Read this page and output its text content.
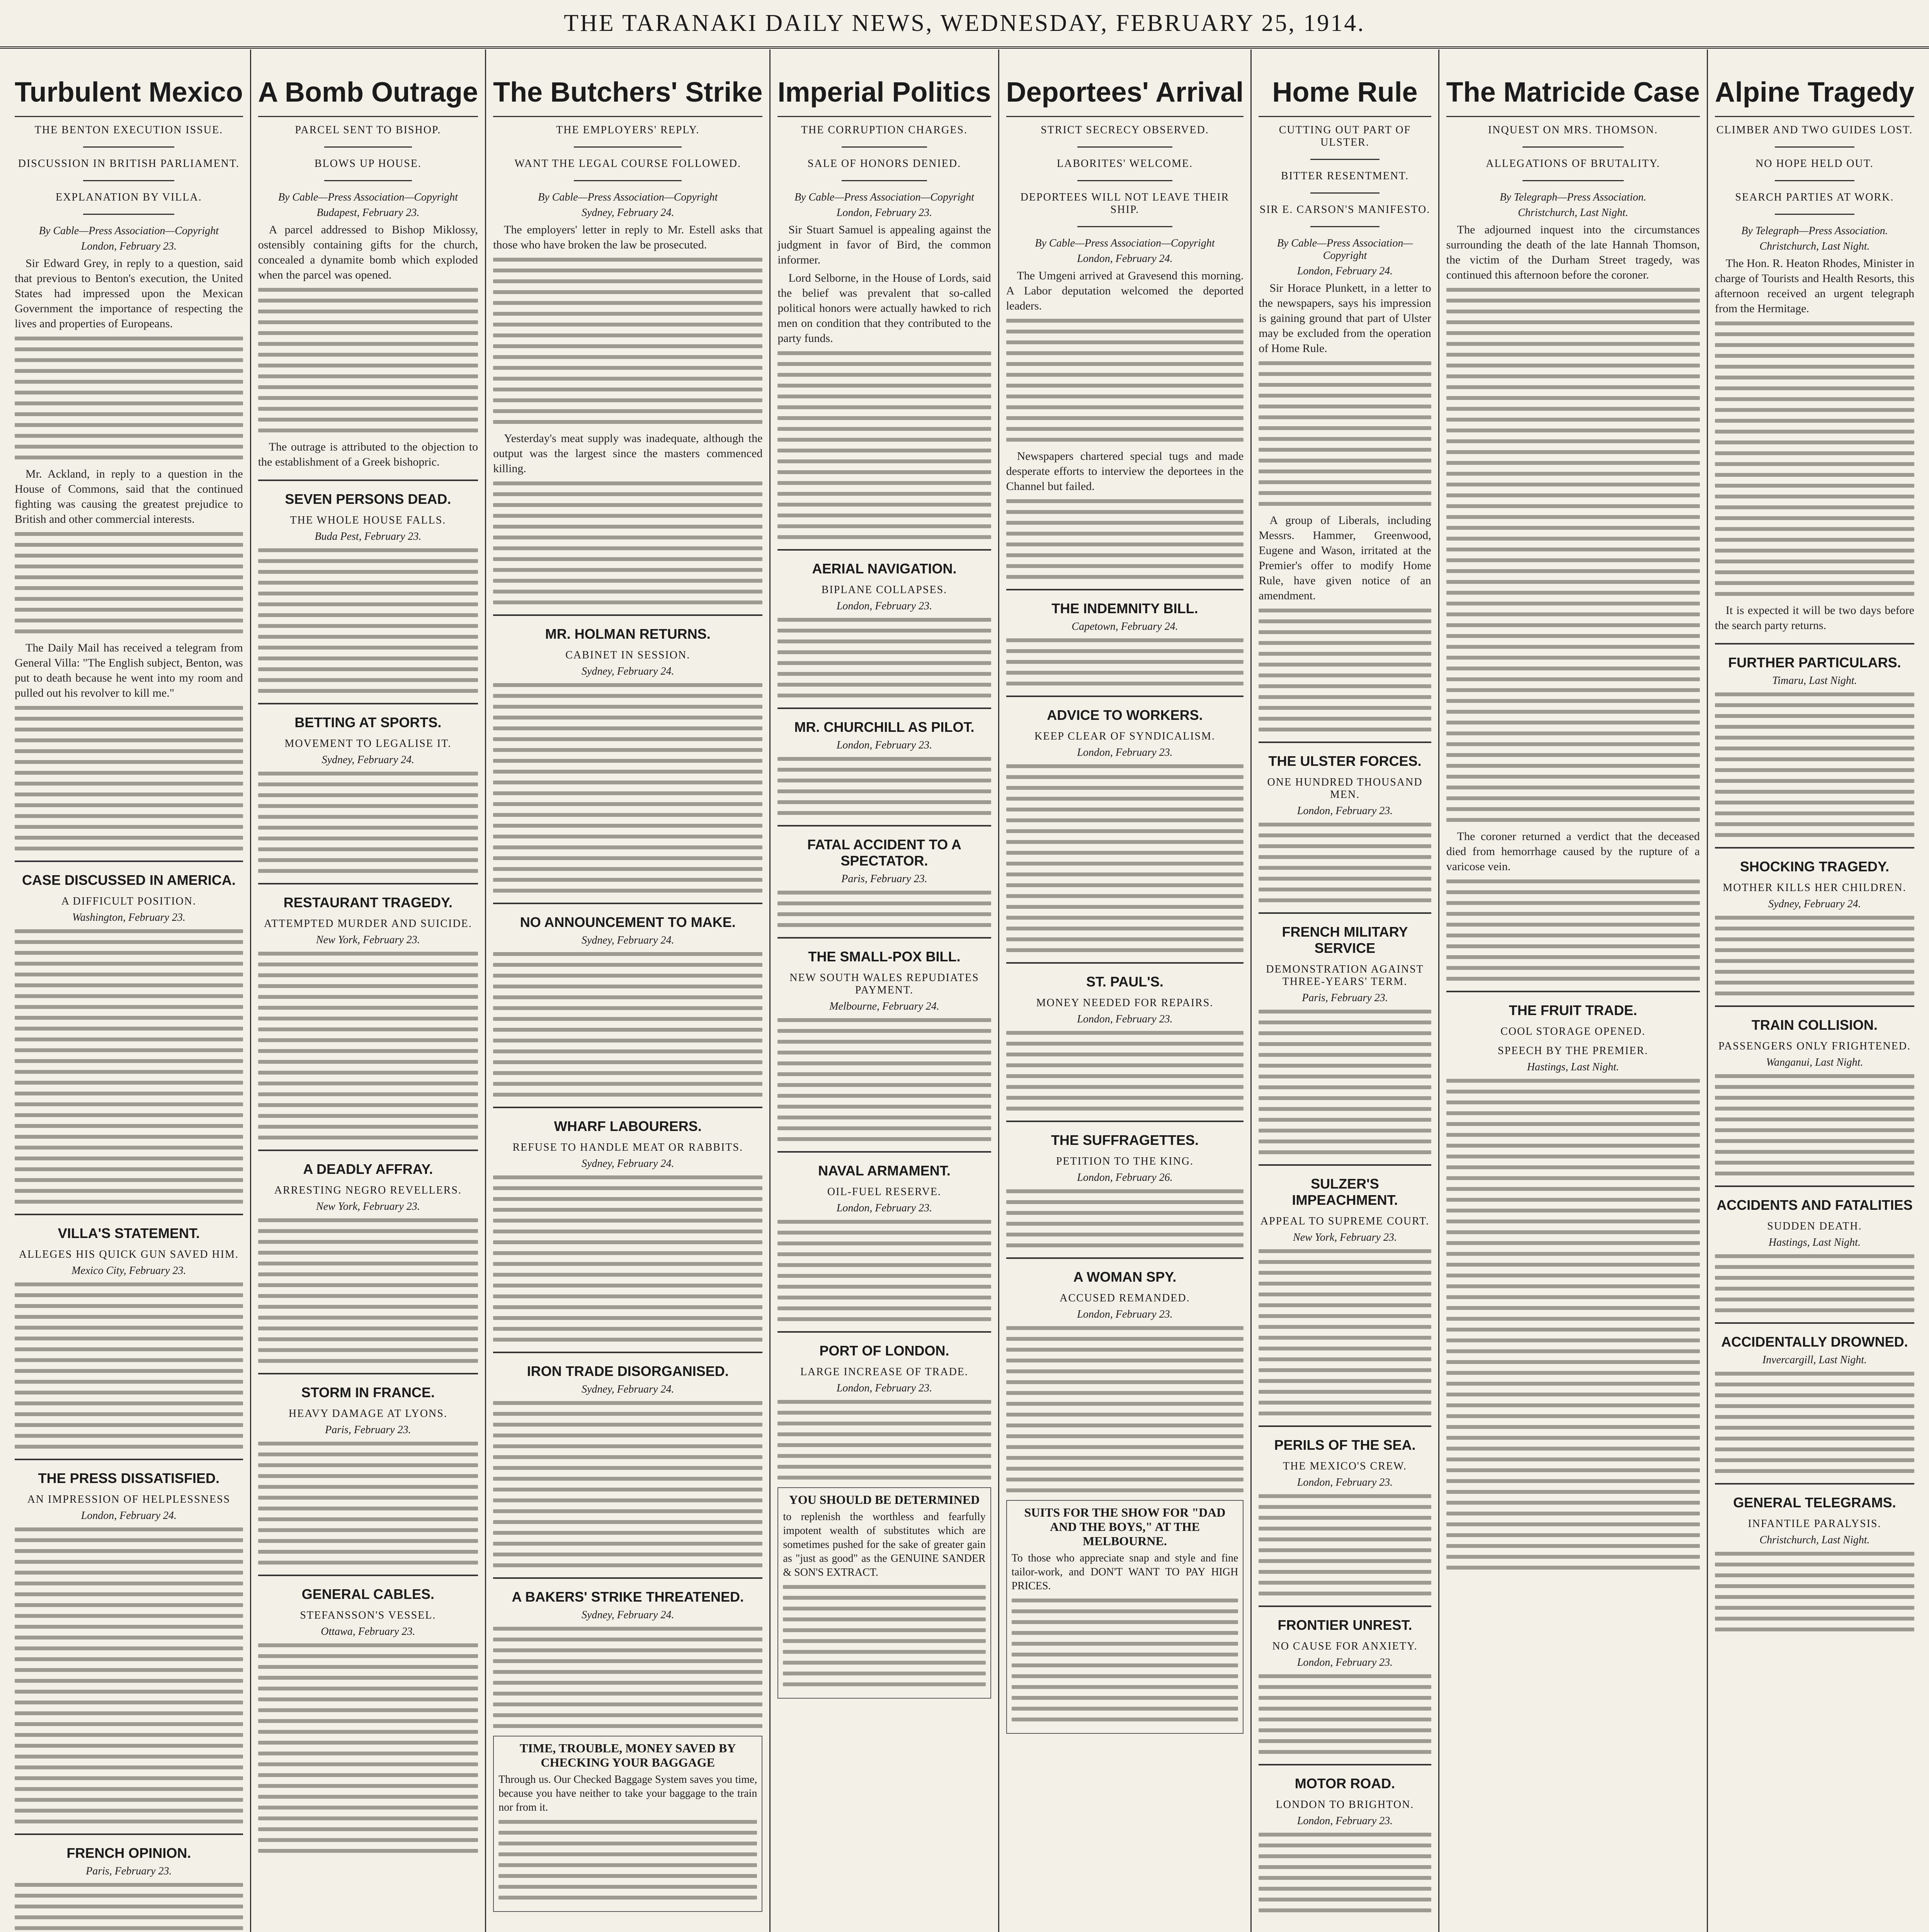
THE TARANAKI DAILY NEWS, WEDNESDAY, FEBRUARY 25, 1914.
Turbulent Mexico
THE BENTON EXECUTION ISSUE.
DISCUSSION IN BRITISH PARLIAMENT.
EXPLANATION BY VILLA.
By Cable—Press Association—Copyright
London, February 23.

Sir Edward Grey, in reply to a question, said that previous to Benton's execution, the United States had impressed upon the Mexican Government the importance of respecting the lives and properties of Europeans.

Mr. Ackland, in reply to a question in the House of Commons, said that the continued fighting was causing the greatest prejudice to British and other commercial interests.

The Daily Mail has received a telegram from General Villa: "The English subject, Benton, was put to death because he went into my room and pulled out his revolver to kill me."

CASE DISCUSSED IN AMERICA.
A DIFFICULT POSITION.
Washington, February 23.
VILLA'S STATEMENT.
ALLEGES HIS QUICK GUN SAVED HIM.
Mexico City, February 23.
THE PRESS DISSATISFIED.
AN IMPRESSION OF HELPLESSNESS
London, February 24.
FRENCH OPINION.
Paris, February 23.
A Bomb Outrage
PARCEL SENT TO BISHOP.
BLOWS UP HOUSE.
By Cable—Press Association—Copyright
Budapest, February 23.

A parcel addressed to Bishop Miklossy, ostensibly containing gifts for the church, concealed a dynamite bomb which exploded when the parcel was opened.

The outrage is attributed to the objection to the establishment of a Greek bishopric.

SEVEN PERSONS DEAD.
THE WHOLE HOUSE FALLS.
Buda Pest, February 23.
BETTING AT SPORTS.
MOVEMENT TO LEGALISE IT.
Sydney, February 24.
RESTAURANT TRAGEDY.
ATTEMPTED MURDER AND SUICIDE.
New York, February 23.
A DEADLY AFFRAY.
ARRESTING NEGRO REVELLERS.
New York, February 23.
STORM IN FRANCE.
HEAVY DAMAGE AT LYONS.
Paris, February 23.
GENERAL CABLES.
STEFANSSON'S VESSEL.
Ottawa, February 23.
The Butchers' Strike
THE EMPLOYERS' REPLY.
WANT THE LEGAL COURSE FOLLOWED.
By Cable—Press Association—Copyright
Sydney, February 24.

The employers' letter in reply to Mr. Estell asks that those who have broken the law be prosecuted.

Yesterday's meat supply was inadequate, although the output was the largest since the masters commenced killing.

MR. HOLMAN RETURNS.
CABINET IN SESSION.
Sydney, February 24.
NO ANNOUNCEMENT TO MAKE.
Sydney, February 24.
WHARF LABOURERS.
REFUSE TO HANDLE MEAT OR RABBITS.
Sydney, February 24.
IRON TRADE DISORGANISED.
Sydney, February 24.
A BAKERS' STRIKE THREATENED.
Sydney, February 24.
TIME, TROUBLE, MONEY SAVED BY CHECKING YOUR BAGGAGE
Through us. Our Checked Baggage System saves you time, because you have neither to take your baggage to the train nor from it.
Imperial Politics
THE CORRUPTION CHARGES.
SALE OF HONORS DENIED.
By Cable—Press Association—Copyright
London, February 23.

Sir Stuart Samuel is appealing against the judgment in favor of Bird, the common informer.

Lord Selborne, in the House of Lords, said the belief was prevalent that so-called political honors were actually hawked to rich men on condition that they contributed to the party funds.

AERIAL NAVIGATION.
BIPLANE COLLAPSES.
London, February 23.
MR. CHURCHILL AS PILOT.
London, February 23.
FATAL ACCIDENT TO A SPECTATOR.
Paris, February 23.
THE SMALL-POX BILL.
NEW SOUTH WALES REPUDIATES PAYMENT.
Melbourne, February 24.
NAVAL ARMAMENT.
OIL-FUEL RESERVE.
London, February 23.
PORT OF LONDON.
LARGE INCREASE OF TRADE.
London, February 23.
YOU SHOULD BE DETERMINED
to replenish the worthless and fearfully impotent wealth of substitutes which are sometimes pushed for the sake of greater gain as "just as good" as the GENUINE SANDER & SON'S EXTRACT.
Deportees' Arrival
STRICT SECRECY OBSERVED.
LABORITES' WELCOME.
DEPORTEES WILL NOT LEAVE THEIR SHIP.
By Cable—Press Association—Copyright
London, February 24.

The Umgeni arrived at Gravesend this morning. A Labor deputation welcomed the deported leaders.

Newspapers chartered special tugs and made desperate efforts to interview the deportees in the Channel but failed.

THE INDEMNITY BILL.
Capetown, February 24.
ADVICE TO WORKERS.
KEEP CLEAR OF SYNDICALISM.
London, February 23.
ST. PAUL'S.
MONEY NEEDED FOR REPAIRS.
London, February 23.
THE SUFFRAGETTES.
PETITION TO THE KING.
London, February 26.
A WOMAN SPY.
ACCUSED REMANDED.
London, February 23.
SUITS FOR THE SHOW FOR "DAD AND THE BOYS," AT THE MELBOURNE.
To those who appreciate snap and style and fine tailor-work, and DON'T WANT TO PAY HIGH PRICES.
Home Rule
CUTTING OUT PART OF ULSTER.
BITTER RESENTMENT.
SIR E. CARSON'S MANIFESTO.
By Cable—Press Association—Copyright
London, February 24.

Sir Horace Plunkett, in a letter to the newspapers, says his impression is gaining ground that part of Ulster may be excluded from the operation of Home Rule.

A group of Liberals, including Messrs. Hammer, Greenwood, Eugene and Wason, irritated at the Premier's offer to modify Home Rule, have given notice of an amendment.

THE ULSTER FORCES.
ONE HUNDRED THOUSAND MEN.
London, February 23.
FRENCH MILITARY SERVICE
DEMONSTRATION AGAINST THREE-YEARS' TERM.
Paris, February 23.
SULZER'S IMPEACHMENT.
APPEAL TO SUPREME COURT.
New York, February 23.
PERILS OF THE SEA.
THE MEXICO'S CREW.
London, February 23.
FRONTIER UNREST.
NO CAUSE FOR ANXIETY.
London, February 23.
MOTOR ROAD.
LONDON TO BRIGHTON.
London, February 23.
The Matricide Case
INQUEST ON MRS. THOMSON.
ALLEGATIONS OF BRUTALITY.
By Telegraph—Press Association.
Christchurch, Last Night.

The adjourned inquest into the circumstances surrounding the death of the late Hannah Thomson, the victim of the Durham Street tragedy, was continued this afternoon before the coroner.

The coroner returned a verdict that the deceased died from hemorrhage caused by the rupture of a varicose vein.

THE FRUIT TRADE.
COOL STORAGE OPENED.
SPEECH BY THE PREMIER.
Hastings, Last Night.
Alpine Tragedy
CLIMBER AND TWO GUIDES LOST.
NO HOPE HELD OUT.
SEARCH PARTIES AT WORK.
By Telegraph—Press Association.
Christchurch, Last Night.

The Hon. R. Heaton Rhodes, Minister in charge of Tourists and Health Resorts, this afternoon received an urgent telegraph from the Hermitage.

It is expected it will be two days before the search party returns.

FURTHER PARTICULARS.
Timaru, Last Night.
SHOCKING TRAGEDY.
MOTHER KILLS HER CHILDREN.
Sydney, February 24.
TRAIN COLLISION.
PASSENGERS ONLY FRIGHTENED.
Wanganui, Last Night.
ACCIDENTS AND FATALITIES
SUDDEN DEATH.
Hastings, Last Night.
ACCIDENTALLY DROWNED.
Invercargill, Last Night.
GENERAL TELEGRAMS.
INFANTILE PARALYSIS.
Christchurch, Last Night.
